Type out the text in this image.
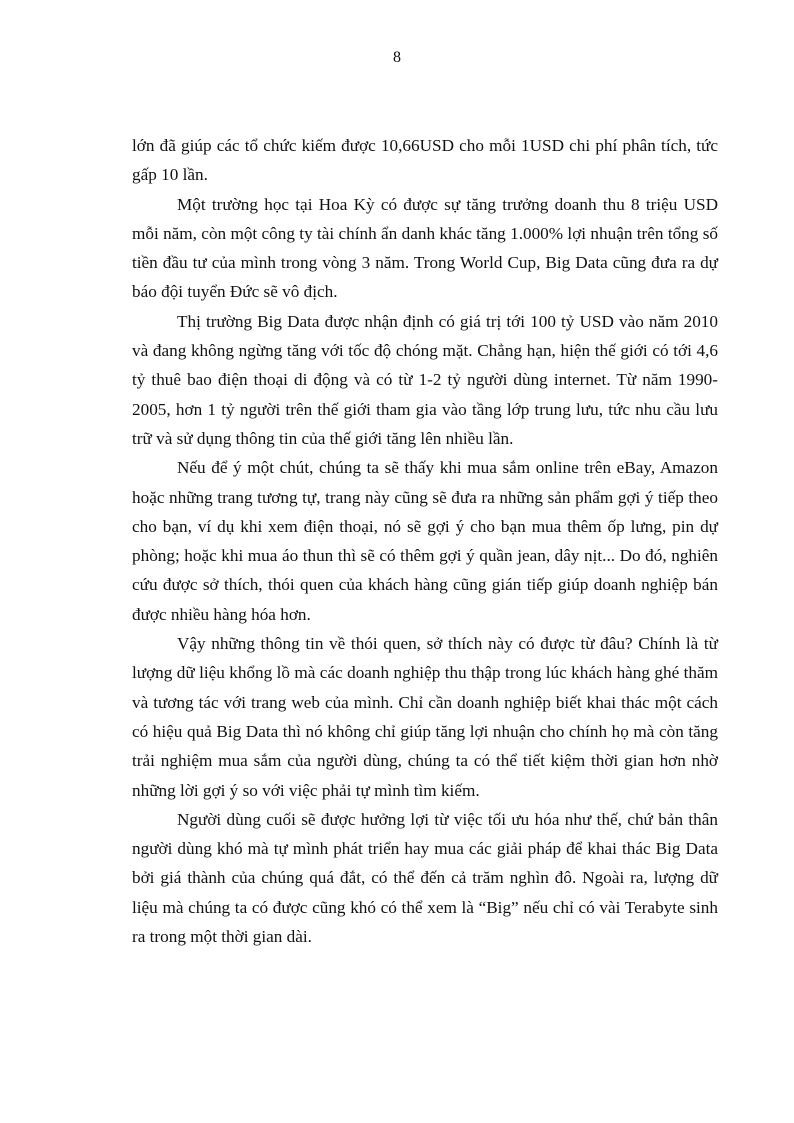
8

lớn đã giúp các tổ chức kiếm được 10,66USD cho mỗi 1USD chi phí phân tích, tức gấp 10 lần.

Một trường học tại Hoa Kỳ có được sự tăng trưởng doanh thu 8 triệu USD mỗi năm, còn một công ty tài chính ẩn danh khác tăng 1.000% lợi nhuận trên tổng số tiền đầu tư của mình trong vòng 3 năm. Trong World Cup, Big Data cũng đưa ra dự báo đội tuyển Đức sẽ vô địch.

Thị trường Big Data được nhận định có giá trị tới 100 tỷ USD vào năm 2010 và đang không ngừng tăng với tốc độ chóng mặt. Chẳng hạn, hiện thế giới có tới 4,6 tỷ thuê bao điện thoại di động và có từ 1-2 tỷ người dùng internet. Từ năm 1990-2005, hơn 1 tỷ người trên thế giới tham gia vào tầng lớp trung lưu, tức nhu cầu lưu trữ và sử dụng thông tin của thế giới tăng lên nhiều lần.

Nếu để ý một chút, chúng ta sẽ thấy khi mua sắm online trên eBay, Amazon hoặc những trang tương tự, trang này cũng sẽ đưa ra những sản phẩm gợi ý tiếp theo cho bạn, ví dụ khi xem điện thoại, nó sẽ gợi ý cho bạn mua thêm ốp lưng, pin dự phòng; hoặc khi mua áo thun thì sẽ có thêm gợi ý quần jean, dây nịt... Do đó, nghiên cứu được sở thích, thói quen của khách hàng cũng gián tiếp giúp doanh nghiệp bán được nhiều hàng hóa hơn.

Vậy những thông tin về thói quen, sở thích này có được từ đâu? Chính là từ lượng dữ liệu khổng lồ mà các doanh nghiệp thu thập trong lúc khách hàng ghé thăm và tương tác với trang web của mình. Chỉ cần doanh nghiệp biết khai thác một cách có hiệu quả Big Data thì nó không chỉ giúp tăng lợi nhuận cho chính họ mà còn tăng trải nghiệm mua sắm của người dùng, chúng ta có thể tiết kiệm thời gian hơn nhờ những lời gợi ý so với việc phải tự mình tìm kiếm.

Người dùng cuối sẽ được hưởng lợi từ việc tối ưu hóa như thế, chứ bản thân người dùng khó mà tự mình phát triển hay mua các giải pháp để khai thác Big Data bởi giá thành của chúng quá đắt, có thể đến cả trăm nghìn đô. Ngoài ra, lượng dữ liệu mà chúng ta có được cũng khó có thể xem là “Big” nếu chỉ có vài Terabyte sinh ra trong một thời gian dài.
